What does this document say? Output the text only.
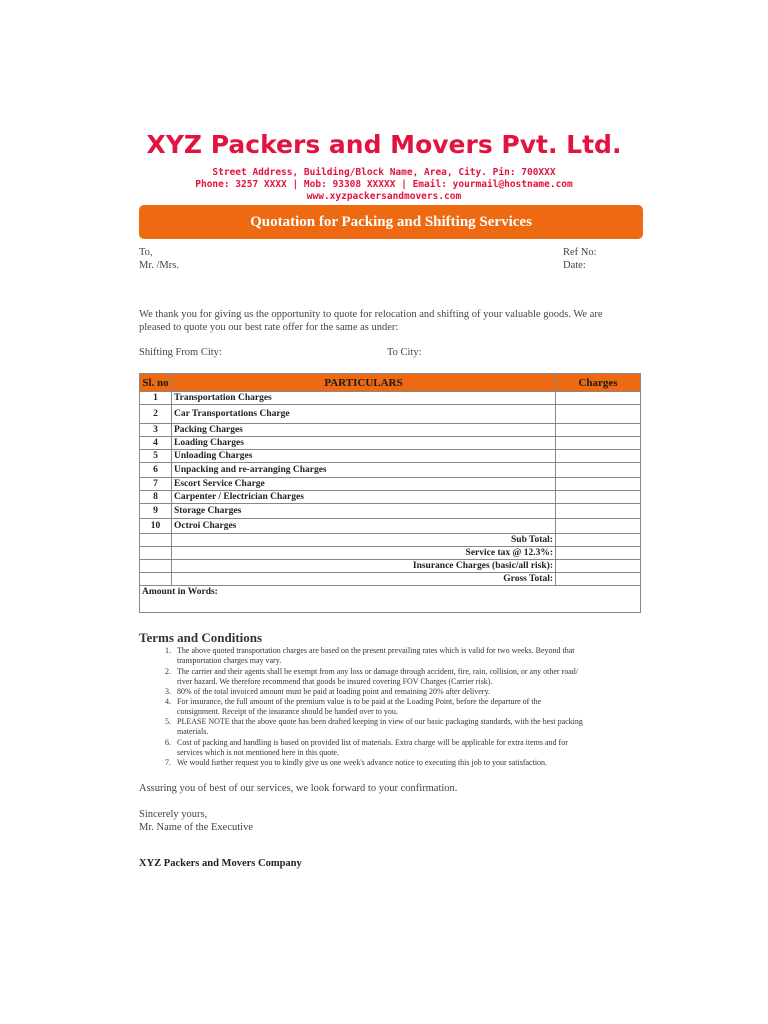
XYZ Packers and Movers Pvt. Ltd.
Street Address, Building/Block Name, Area, City. Pin: 700XXX
Phone: 3257 XXXX | Mob: 93308 XXXXX | Email: yourmail@hostname.com
www.xyzpackersandmovers.com
Quotation for Packing and Shifting Services
To,
Mr. /Mrs.
Ref No:
Date:
We thank you for giving us the opportunity to quote for relocation and shifting of your valuable goods. We are
pleased to quote you our best rate offer for the same as under:
Shifting From City:	To City:
Sl. no	PARTICULARS	Charges
1	Transportation Charges	
2	Car Transportations Charge	
3	Packing Charges	
4	Loading Charges	
5	Unloading Charges	
6	Unpacking and re-arranging Charges	
7	Escort Service Charge	
8	Carpenter / Electrician Charges	
9	Storage Charges	
10	Octroi Charges	
	Sub Total:	
	Service tax @ 12.3%:	
	Insurance Charges (basic/all risk):	
	Gross Total:	
Amount in Words:		
Terms and Conditions
1. The above quoted transportation charges are based on the present prevailing rates which is valid for two weeks. Beyond that
transportation charges may vary.
2. The carrier and their agents shall be exempt from any loss or damage through accident, fire, rain, collision, or any other road/
river hazard. We therefore recommend that goods be insured covering FOV Charges (Carrier risk).
3. 80% of the total invoiced amount must be paid at loading point and remaining 20% after delivery.
4. For insurance, the full amount of the premium value is to be paid at the Loading Point, before the departure of the
consignment. Receipt of the insurance should be handed over to you.
5. PLEASE NOTE that the above quote has been drafted keeping in view of our basic packaging standards, with the best packing
materials.
6. Cost of packing and handling is based on provided list of materials. Extra charge will be applicable for extra items and for
services which is not mentioned here in this quote.
7. We would further request you to kindly give us one week's advance notice to executing this job to your satisfaction.
Assuring you of best of our services, we look forward to your confirmation.
Sincerely yours,
Mr. Name of the Executive
XYZ Packers and Movers Company
